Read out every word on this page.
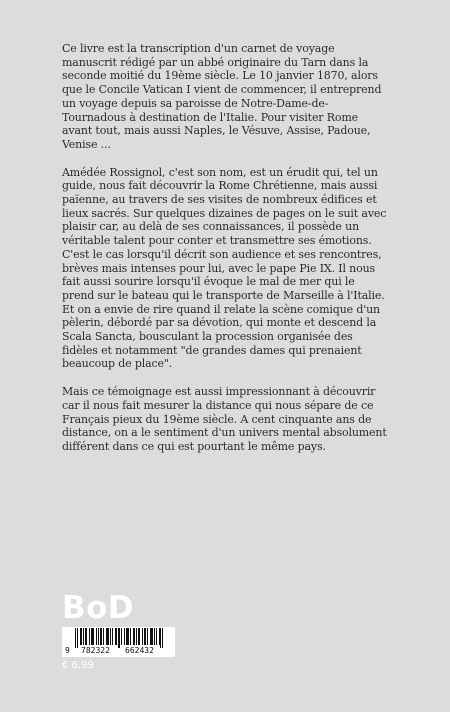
Ce livre est la transcription d'un carnet de voyage manuscrit rédigé par un abbé originaire du Tarn dans la seconde moitié du 19ème siècle. Le 10 janvier 1870, alors que le Concile Vatican I vient de commencer, il entreprend un voyage depuis sa paroisse de Notre-Dame-de-Tournadous à destination de l'Italie. Pour visiter Rome avant tout, mais aussi Naples, le Vésuve, Assise, Padoue, Venise ...

Amédée Rossignol, c'est son nom, est un érudit qui, tel un guide, nous fait découvrir la Rome Chrétienne, mais aussi païenne, au travers de ses visites de nombreux édifices et lieux sacrés. Sur quelques dizaines de pages on le suit avec plaisir car, au delà de ses connaissances, il possède un véritable talent pour conter et transmettre ses émotions. C'est le cas lorsqu'il décrit son audience et ses rencontres, brèves mais intenses pour lui, avec le pape Pie IX. Il nous fait aussi sourire lorsqu'il évoque le mal de mer qui le prend sur le bateau qui le transporte de Marseille à l'Italie. Et on a envie de rire quand il relate la scène comique d'un pèlerin, débordé par sa dévotion, qui monte et descend la Scala Sancta, bousculant la procession organisée des fidèles et notamment "de grandes dames qui prenaient beaucoup de place".

Mais ce témoignage est aussi impressionnant à découvrir car il nous fait mesurer la distance qui nous sépare de ce Français pieux du 19ème siècle. A cent cinquante ans de distance, on a le sentiment d'un univers mental absolument différent dans ce qui est pourtant le même pays.

BoD
9 782322 662432
€ 6,99
